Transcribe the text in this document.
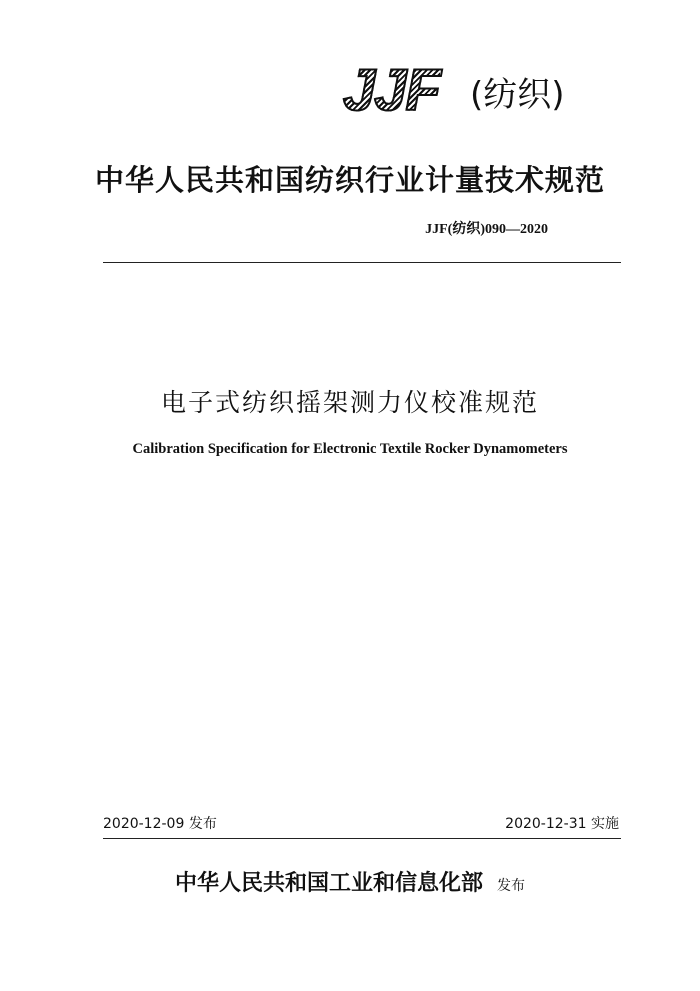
JJF (纺织)
中华人民共和国纺织行业计量技术规范
JJF(纺织)090—2020
电子式纺织摇架测力仪校准规范
Calibration Specification for Electronic Textile Rocker Dynamometers
2020-12-09 发布	2020-12-31 实施
中华人民共和国工业和信息化部 发布
